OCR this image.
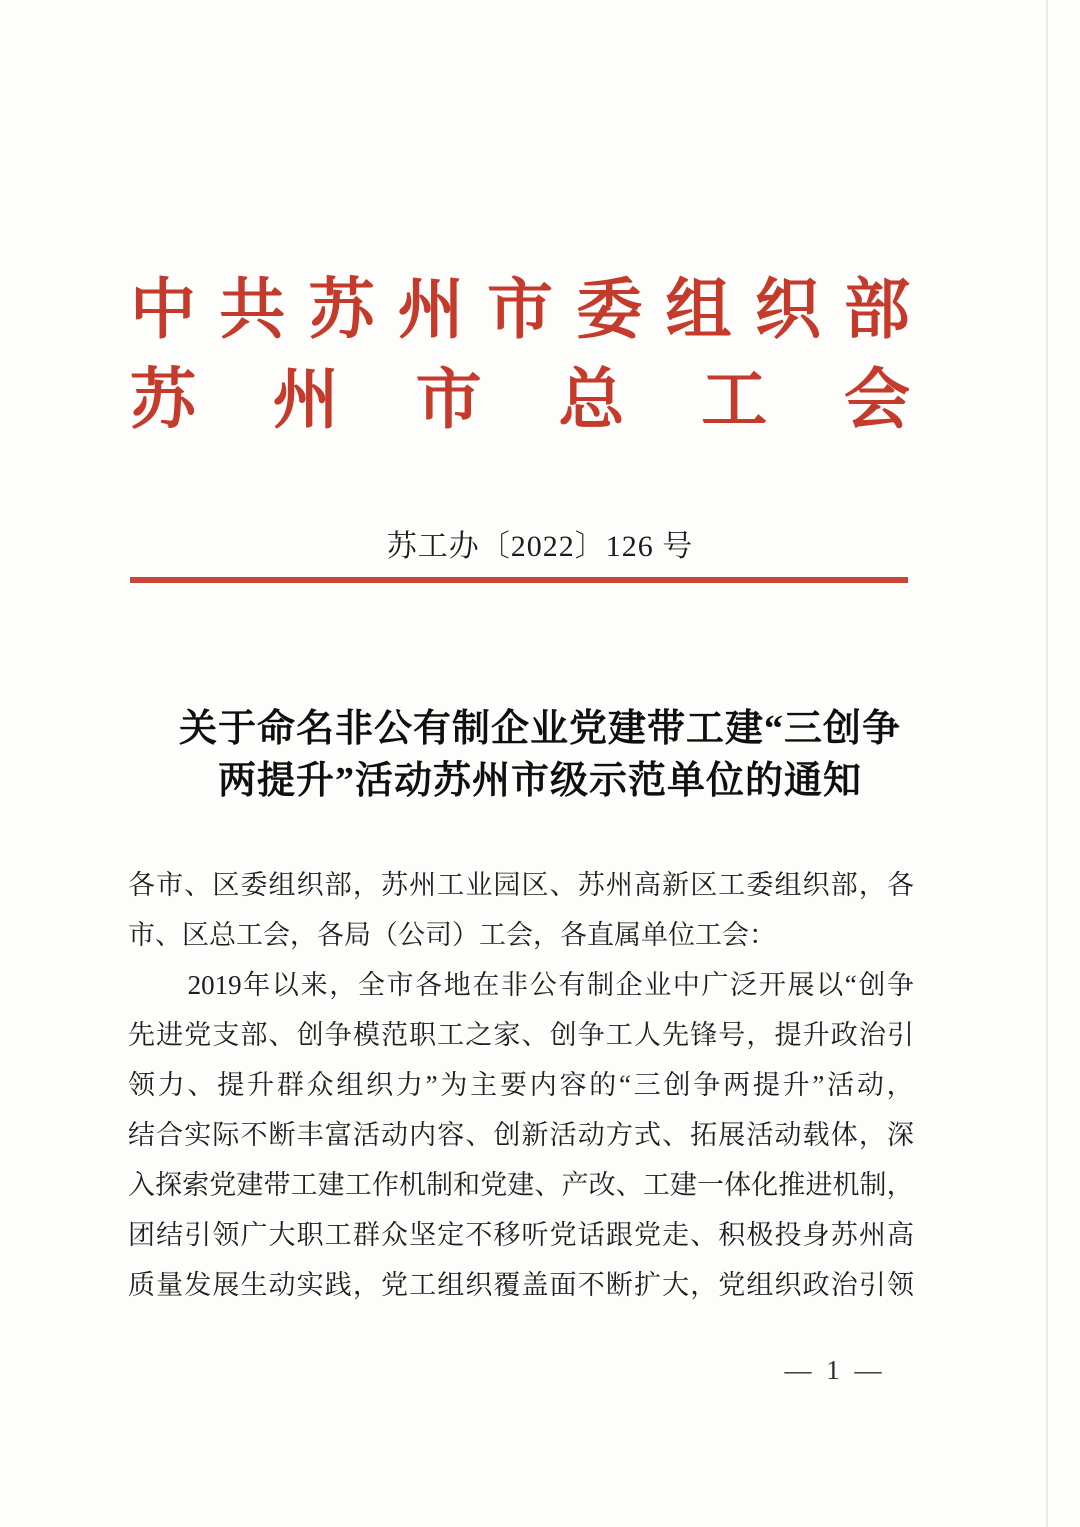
中 共 苏 州 市 委 组 织 部
苏 州 市 总 工 会
苏工办〔2022〕126 号
关于命名非公有制企业党建带工建“三创争
两提升”活动苏州市级示范单位的通知
各 市 、 区 委 组 织 部 ， 苏 州 工 业 园 区 、 苏 州 高 新 区 工 委 组 织 部 ， 各
市、区总工会，各局（公司）工会，各直属单位工会：
2019 年 以 来 ， 全 市 各 地 在 非 公 有 制 企 业 中 广 泛 开 展 以 “ 创 争
先 进 党 支 部 、 创 争 模 范 职 工 之 家 、 创 争 工 人 先 锋 号 ， 提 升 政 治 引
领 力 、 提 升 群 众 组 织 力 ” 为 主 要 内 容 的 “ 三 创 争 两 提 升 ” 活 动 ，
结 合 实 际 不 断 丰 富 活 动 内 容 、 创 新 活 动 方 式 、 拓 展 活 动 载 体 ， 深
入 探 索 党 建 带 工 建 工 作 机 制 和 党 建 、 产 改 、 工 建 一 体 化 推 进 机 制 ，
团 结 引 领 广 大 职 工 群 众 坚 定 不 移 听 党 话 跟 党 走 、 积 极 投 身 苏 州 高
质 量 发 展 生 动 实 践 ， 党 工 组 织 覆 盖 面 不 断 扩 大 ， 党 组 织 政 治 引 领
— 1 —
